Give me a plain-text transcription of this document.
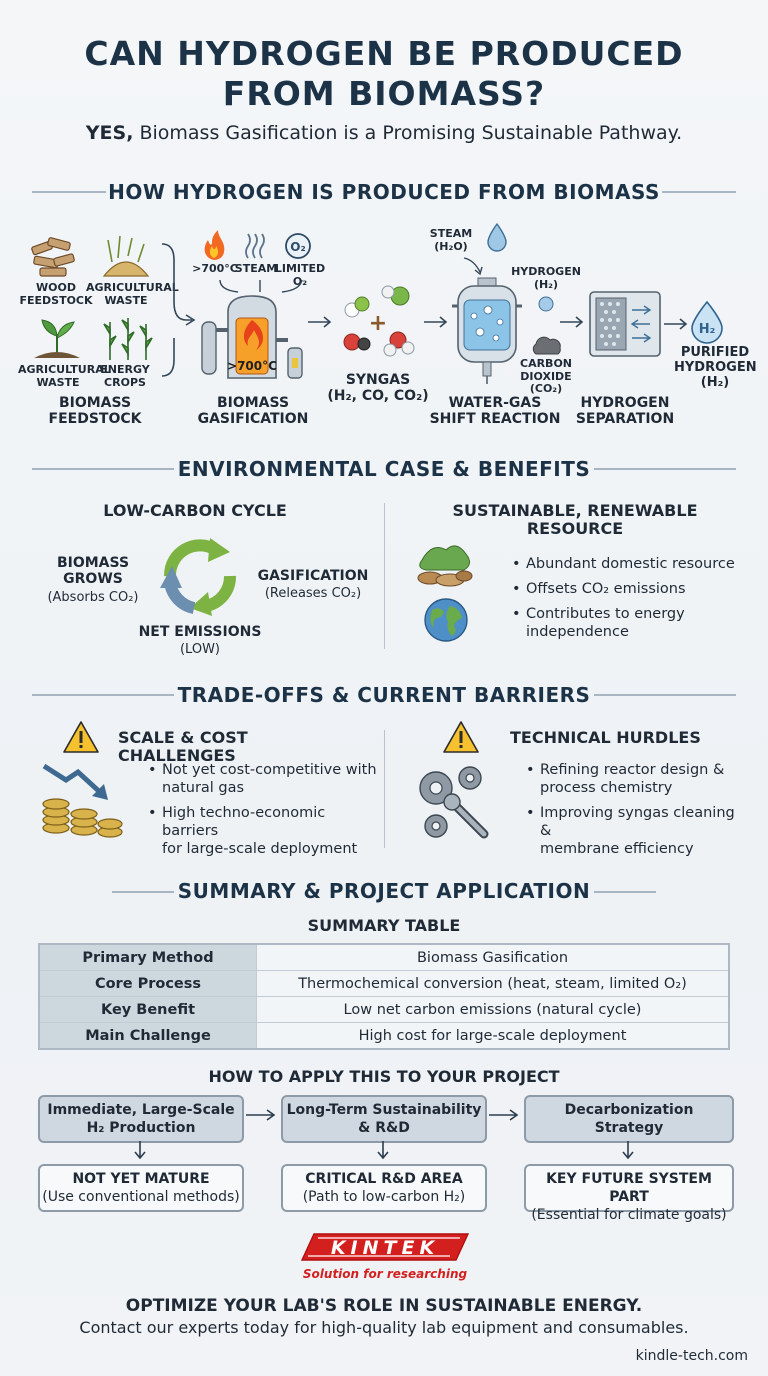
CAN HYDROGEN BE PRODUCED
FROM BIOMASS?
YES, Biomass Gasification is a Promising Sustainable Pathway.
HOW HYDROGEN IS PRODUCED FROM BIOMASS
WOOD
FEEDSTOCK
AGRICULTURAL
WASTE
AGRICULTURAL
WASTE
ENERGY
CROPS
BIOMASS
FEEDSTOCK
>700°C
STEAM
O₂
LIMITED
O₂
>700°C
BIOMASS
GASIFICATION
+
SYNGAS
(H₂, CO, CO₂)
STEAM
(H₂O)
HYDROGEN
(H₂)
CARBON
DIOXIDE
(CO₂)
WATER-GAS
SHIFT REACTION
HYDROGEN
SEPARATION
H₂
PURIFIED
HYDROGEN
(H₂)
ENVIRONMENTAL CASE & BENEFITS
LOW-CARBON CYCLE
BIOMASS
GROWS
(Absorbs CO₂)
GASIFICATION
(Releases CO₂)
NET EMISSIONS
(LOW)
SUSTAINABLE, RENEWABLE
RESOURCE
• Abundant domestic resource
• Offsets CO₂ emissions
• Contributes to energy
independence
TRADE-OFFS & CURRENT BARRIERS
SCALE & COST CHALLENGES
• Not yet cost-competitive with
natural gas
• High techno-economic barriers
for large-scale deployment
TECHNICAL HURDLES
• Refining reactor design &
process chemistry
• Improving syngas cleaning &
membrane efficiency
SUMMARY & PROJECT APPLICATION
SUMMARY TABLE
Primary Method	Biomass Gasification
Core Process	Thermochemical conversion (heat, steam, limited O₂)
Key Benefit	Low net carbon emissions (natural cycle)
Main Challenge	High cost for large-scale deployment
HOW TO APPLY THIS TO YOUR PROJECT
Immediate, Large-Scale
H₂ Production
Long-Term Sustainability
& R&D
Decarbonization
Strategy
NOT YET MATURE
(Use conventional methods)
CRITICAL R&D AREA
(Path to low-carbon H₂)
KEY FUTURE SYSTEM PART
(Essential for climate goals)
KINTEK
Solution for researching
OPTIMIZE YOUR LAB'S ROLE IN SUSTAINABLE ENERGY.
Contact our experts today for high-quality lab equipment and consumables.
kindle-tech.com
